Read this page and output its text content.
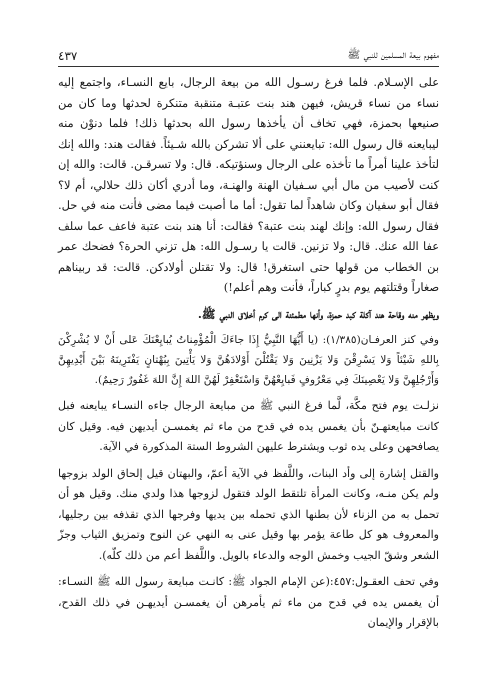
مفهوم بيعة المسلمين للنبي ﷺ
٤٣٧

على الإسـلام. فلما فرغ رسـول الله من بيعة الرجال، بايع النسـاء، واجتمع إليه نساء من نساء قريش، فيهن هند بنت عتبـة متنقبة متنكرة لحدثها وما كان من صنيعها بحمزة، فهي تخاف أن يأخذها رسول الله بحدثها ذلك! فلما دنوْن منه ليبايعنه قال رسول الله: تبايعنني على ألا تشركن بالله شـيئاً. فقالت هند: والله إنك لتأخذ علينا أمراً ما تأخذه على الرجال وسنؤتيكه. قال: ولا تسرقـن. قالت: والله إن كنت لأصيب من مال أبي سـفيان الهنة والهنـة، وما أدري أكان ذلك حلالي، أم لا؟ فقال أبو سفيان وكان شاهداً لما تقول: أما ما أصبت فيما مضى فأنت منه في حل. فقال رسول الله: وإنك لهند بنت عتبة؟ فقالت: أنا هند بنت عتبة فاعف عما سلف عفا الله عنك. قال: ولا تزنين. قالت يا رسـول الله: هل تزني الحرة؟ فضحك عمر بن الخطاب من قولها حتى استغرق! قال: ولا تقتلن أولادكن. قالت: قد ربيناهم صغاراً وقتلتهم يوم بدرٍ كباراً، فأنت وهم أعلم!)

ويظهر منه وقاحة هند آكلة كبد حمزة، وأنها مطمئنة الى كرم أخلاق النبي ﷺ.

وفي كنز العرفـان(١/٣٨٥): (يا أَيُّهَا النَّبِيُّ إِذَا جاءَكَ الْمُؤْمِناتُ يُبايِعْنَكَ عَلى أَنْ لا يُشْرِكْنَ بِاللهِ شَيْئاً وَلا يَسْرِقْنَ وَلا يَزْنِينَ وَلا يَقْتُلْنَ أَوْلادَهُنَّ وَلا يَأْتِينَ بِبُهْتانٍ يَفْتَرِينَهُ بَيْنَ أَيْدِيهِنَّ وَأَرْجُلِهِنَّ وَلا يَعْصِينَكَ فِي مَعْرُوفٍ فَبايِعْهُنَّ وَاسْتَغْفِرْ لَهُنَّ اللهَ إِنَّ اللهَ غَفُورٌ رَحِيمٌ).

نزلـت يوم فتح مكَّة، لَّما فرغ النبي ﷺ من مبايعة الرجال جاءه النسـاء يبايعنه فبل كانت مبايعتهـنّ بأن يغمس يده في قدح من ماء ثم يغمسـن أيديهن فيه. وقيل كان يصافحهن وعلى يده ثوب ويشترط عليهن الشروط الستة المذكورة في الآية.

والقتل إشارة إلى وأد البنات، واللَّفظ في الآية أعمّ، والبهتان قيل إلحاق الولد بزوجها ولم يكن منـه، وكانت المرأة تلتقط الولد فتقول لزوجها هذا ولدي منك. وقيل هو أن تحمل به من الزناء لأن بطنها الذي تحمله بين يديها وفرجها الذي تقذفه بين رجليها، والمعروف هو كل طاعة يؤمر بها وقيل عنى به النهي عن النوح وتمزيق الثياب وجزّ الشعر وشقّ الجيب وخمش الوجه والدعاء بالويل. واللَّفظ أعم من ذلك كلّه).

وفي تحف العقـول:٤٥٧:(عن الإمام الجواد ﷺ: كانـت مبايعة رسول الله ﷺ النسـاء: أن يغمس يده في قدح من ماء ثم يأمرهن أن يغمسـن أيديهـن في ذلك القدح، بالإقرار والإيمان
